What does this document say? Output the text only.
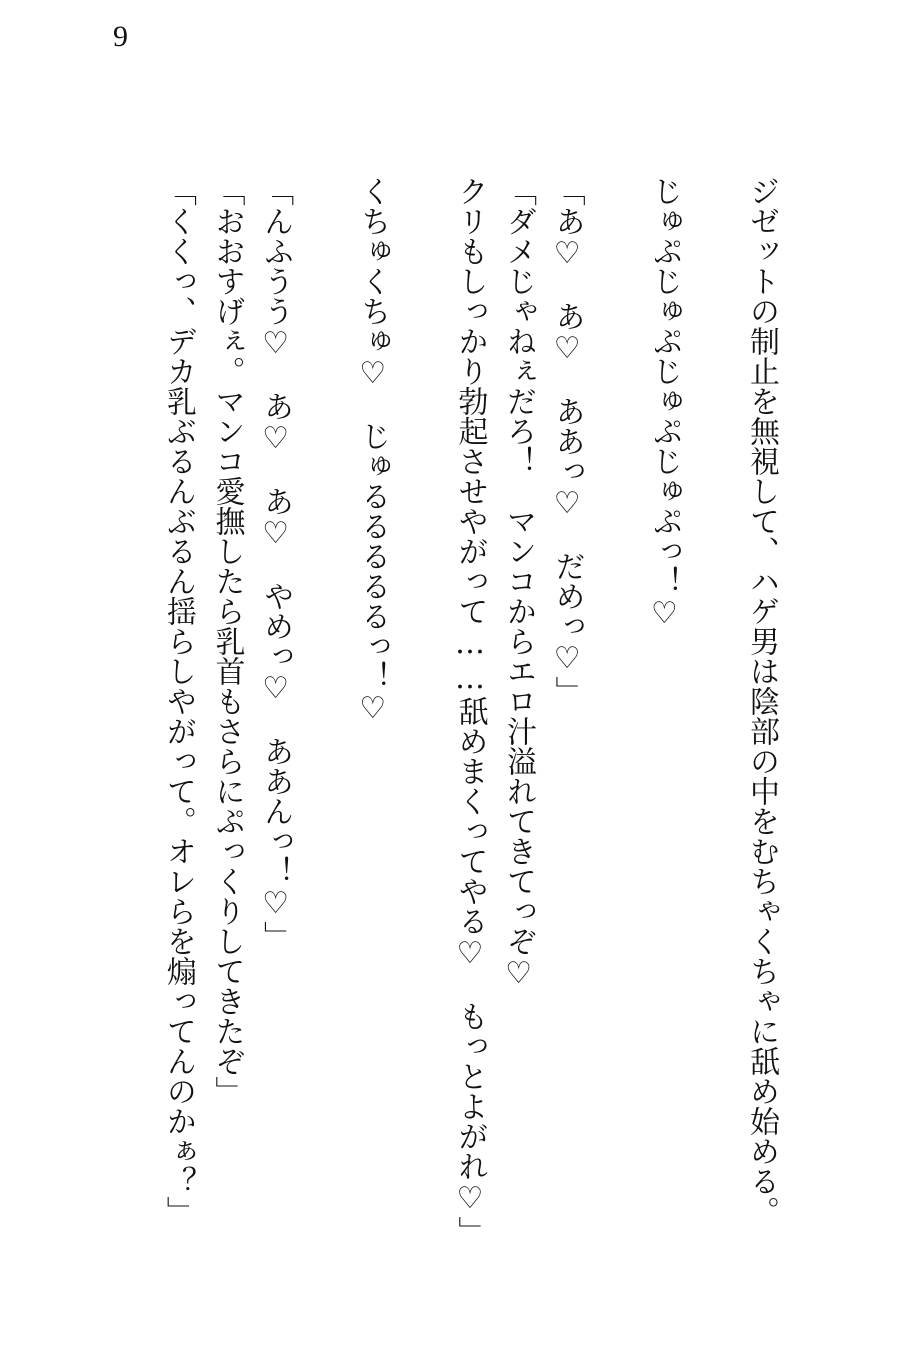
9
ジゼットの制止を無視して、ハゲ男は陰部の中をむちゃくちゃに舐め始める。

じゅぷじゅぷじゅぷじゅぷっ！♡

「あ♡　あ♡　ああっ♡　だめっ♡」
「ダメじゃねぇだろ！　マンコからエロ汁溢れてきてっぞ♡
クリもしっかり勃起させやがって……舐めまくってやる♡　もっとよがれ♡」

くちゅくちゅ♡　じゅるるるるるっ！♡

「んふうう♡　あ♡　あ♡　やめっ♡　ああんっ！♡」
「おおすげぇ。マンコ愛撫したら乳首もさらにぷっくりしてきたぞ」
「くくっ、デカ乳ぶるんぶるん揺らしやがって。オレらを煽ってんのかぁ？」
